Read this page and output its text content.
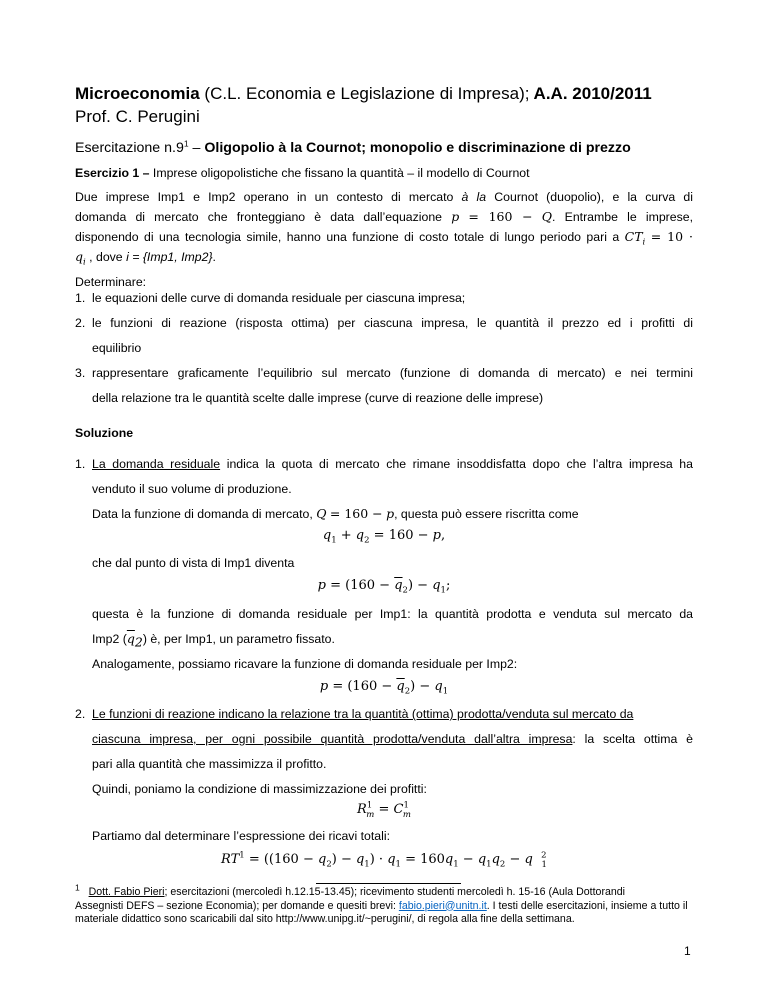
Microeconomia (C.L. Economia e Legislazione di Impresa); A.A. 2010/2011
Prof. C. Perugini
Esercitazione $n.9^1$ – Oligopolio à la Cournot; monopolio e discriminazione di prezzo
Esercizio 1 – Imprese oligopolistiche che fissano la quantità – il modello di Cournot
Due imprese Imp1 e Imp2 operano in un contesto di mercato à la Cournot (duopolio), e la curva di
domanda di mercato che fronteggiano è data dall’equazione p = 160 − Q. Entrambe le imprese,
disponendo di una tecnologia simile, hanno una funzione di costo totale di lungo periodo pari a $CT_i = 10$ ·
$q_i$ , dove i = {Imp1, Imp2}.
Determinare:
1. le equazioni delle curve di domanda residuale per ciascuna impresa;
2. le funzioni di reazione (risposta ottima) per ciascuna impresa, le quantità il prezzo ed i profitti di
equilibrio
3. rappresentare graficamente l’equilibrio sul mercato (funzione di domanda di mercato) e nei termini
della relazione tra le quantità scelte dalle imprese (curve di reazione delle imprese)
Soluzione
1. La domanda residuale indica la quota di mercato che rimane insoddisfatta dopo che l’altra impresa ha
venduto il suo volume di produzione.
Data la funzione di domanda di mercato, Q = 160 − p, questa può essere riscritta come
$q_1 + q_2 = 160 - p$,
che dal punto di vista di Imp1 diventa
$p = (160 - \overline{q}_2) - q_1$;
questa è la funzione di domanda residuale per Imp1: la quantità prodotta e venduta sul mercato da
Imp2 $(\overline{q}_2)$ è, per Imp1, un parametro fissato.
Analogamente, possiamo ricavare la funzione di domanda residuale per Imp2:
$p = (160 - \overline{q}_2) - q_1$
2. Le funzioni di reazione indicano la relazione tra la quantità (ottima) prodotta/venduta sul mercato da
ciascuna impresa, per ogni possibile quantità prodotta/venduta dall’altra impresa: la scelta ottima è
pari alla quantità che massimizza il profitto.
Quindi, poniamo la condizione di massimizzazione dei profitti:
$R^1_m = C^1_m$
Partiamo dal determinare l’espressione dei ricavi totali:
$RT^1 = ((160 - q_2) - q_1) \cdot q_1 = 160q_1 - q_1q_2 - q$ $^2_1$
$^1$ Dott. Fabio Pieri; esercitazioni (mercoledì h.12.15-13.45); ricevimento studenti mercoledì h. 15-16 (Aula Dottorandi
Assegnisti DEFS – sezione Economia); per domande e quesiti brevi: fabio.pieri@unitn.it. I testi delle esercitazioni, insieme a tutto il
materiale didattico sono scaricabili dal sito http://www.unipg.it/~perugini/, di regola alla fine della settimana.
1
